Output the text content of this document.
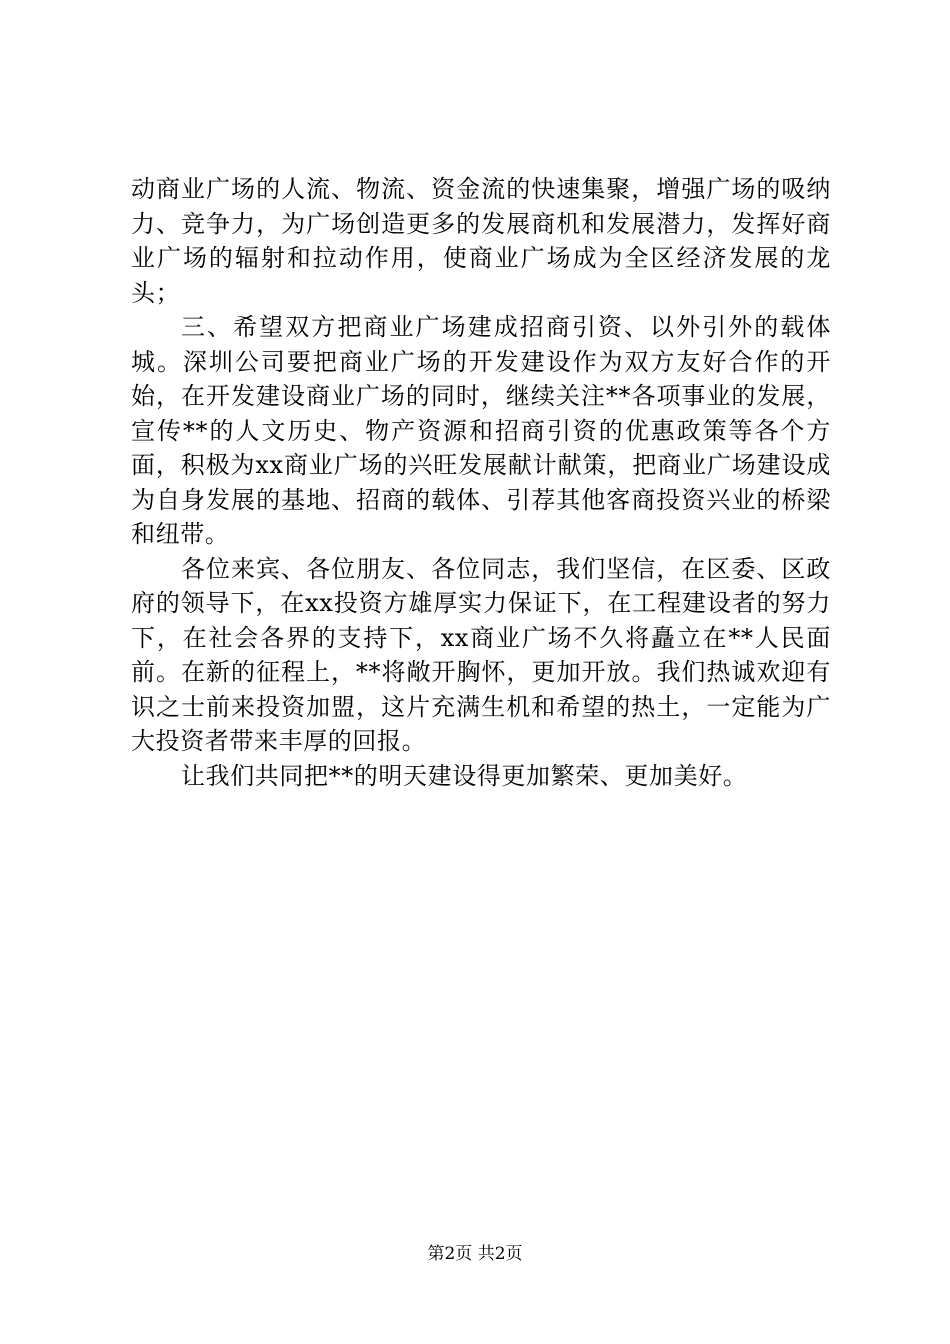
动商业广场的人流、物流、资金流的快速集聚，增强广场的吸纳力、竞争力，为广场创造更多的发展商机和发展潜力，发挥好商业广场的辐射和拉动作用，使商业广场成为全区经济发展的龙头；

三、希望双方把商业广场建成招商引资、以外引外的载体城。深圳公司要把商业广场的开发建设作为双方友好合作的开始，在开发建设商业广场的同时，继续关注**各项事业的发展，宣传**的人文历史、物产资源和招商引资的优惠政策等各个方面，积极为xx商业广场的兴旺发展献计献策，把商业广场建设成为自身发展的基地、招商的载体、引荐其他客商投资兴业的桥梁和纽带。

各位来宾、各位朋友、各位同志，我们坚信，在区委、区政府的领导下，在xx投资方雄厚实力保证下，在工程建设者的努力下，在社会各界的支持下，xx商业广场不久将矗立在**人民面前。在新的征程上，**将敞开胸怀，更加开放。我们热诚欢迎有识之士前来投资加盟，这片充满生机和希望的热土，一定能为广大投资者带来丰厚的回报。

让我们共同把**的明天建设得更加繁荣、更加美好。

第2页 共2页
